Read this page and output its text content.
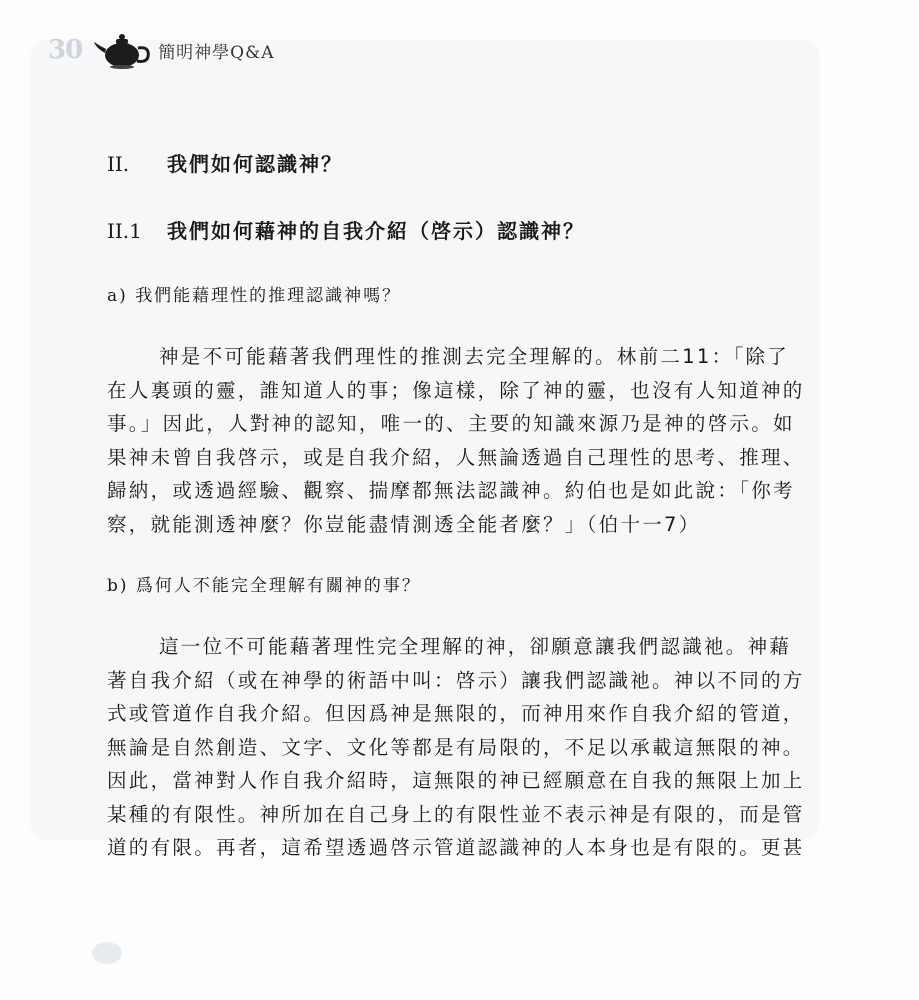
30	簡明神學Q&A
II. 我們如何認識神？
II.1 我們如何藉神的自我介紹（啓示）認識神？
a) 我們能藉理性的推理認識神嗎？
神是不可能藉著我們理性的推測去完全理解的。林前二11：「除了
在人裏頭的靈，誰知道人的事；像這樣，除了神的靈，也沒有人知道神的
事。」因此，人對神的認知，唯一的、主要的知識來源乃是神的啓示。如
果神未曾自我啓示，或是自我介紹，人無論透過自己理性的思考、推理、
歸納，或透過經驗、觀察、揣摩都無法認識神。約伯也是如此說：「你考
察，就能測透神麼？你豈能盡情測透全能者麼？」（伯十一7）
b) 爲何人不能完全理解有關神的事？
這一位不可能藉著理性完全理解的神，卻願意讓我們認識祂。神藉
著自我介紹（或在神學的術語中叫：啓示）讓我們認識祂。神以不同的方
式或管道作自我介紹。但因爲神是無限的，而神用來作自我介紹的管道，
無論是自然創造、文字、文化等都是有局限的，不足以承載這無限的神。
因此，當神對人作自我介紹時，這無限的神已經願意在自我的無限上加上
某種的有限性。神所加在自己身上的有限性並不表示神是有限的，而是管
道的有限。再者，這希望透過啓示管道認識神的人本身也是有限的。更甚
